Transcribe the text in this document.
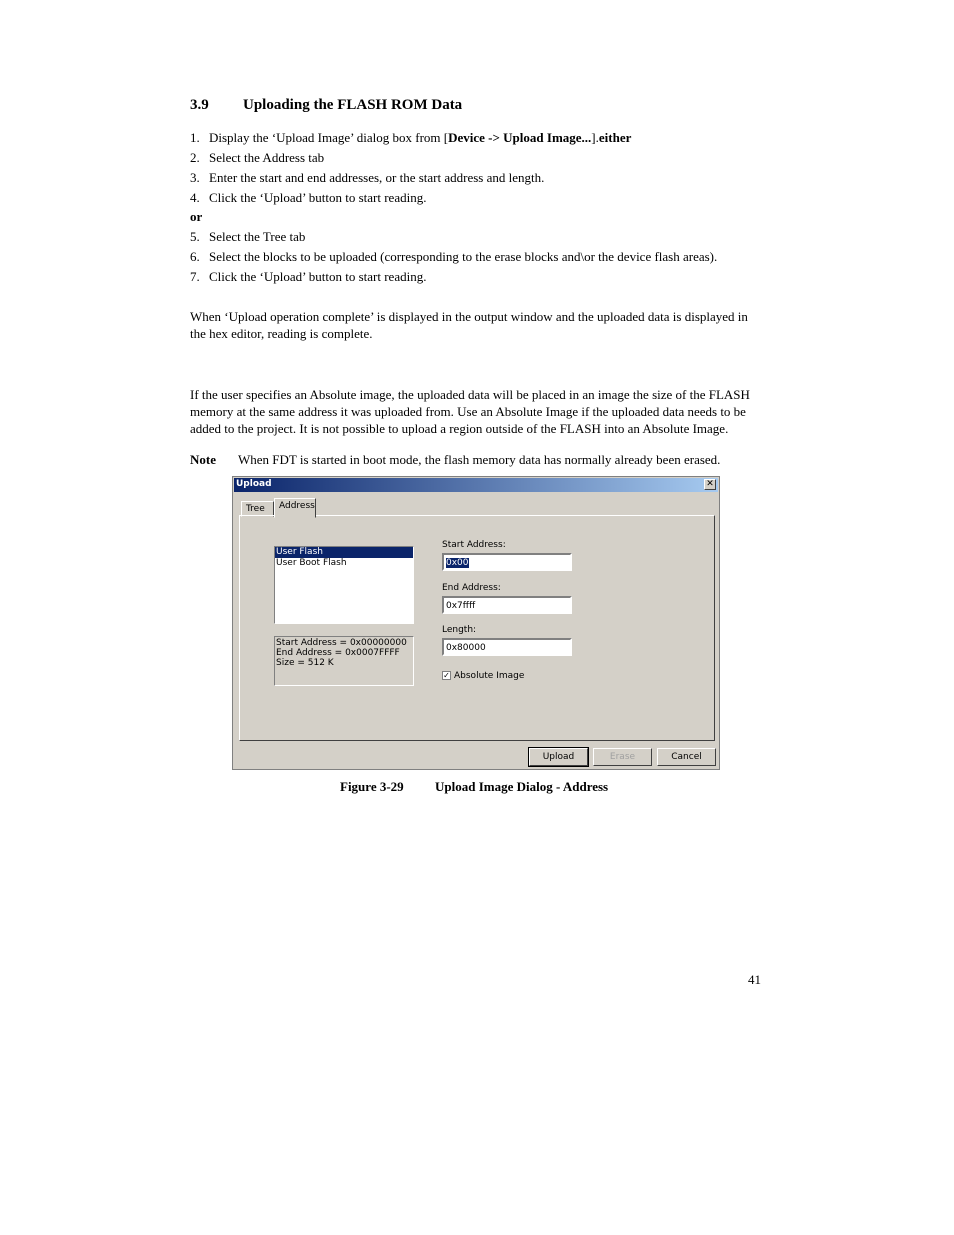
3.9 Uploading the FLASH ROM Data
1. Display the ‘Upload Image’ dialog box from [Device -> Upload Image...].either
2. Select the Address tab
3. Enter the start and end addresses, or the start address and length.
4. Click the ‘Upload’ button to start reading.
or
5. Select the Tree tab
6. Select the blocks to be uploaded (corresponding to the erase blocks and\or the device flash areas).
7. Click the ‘Upload’ button to start reading.
When ‘Upload operation complete’ is displayed in the output window and the uploaded data is displayed in the hex editor, reading is complete.
If the user specifies an Absolute image, the uploaded data will be placed in an image the size of the FLASH memory at the same address it was uploaded from. Use an Absolute Image if the uploaded data needs to be added to the project. It is not possible to upload a region outside of the FLASH into an Absolute Image.
Note When FDT is started in boot mode, the flash memory data has normally already been erased.
Upload	✕
Tree	Address
User Flash
User Boot Flash
Start Address = 0x00000000
End Address = 0x0007FFFF
Size = 512 K
Start Address:
0x00
End Address:
0x7ffff
Length:
0x80000
✓ Absolute Image
Upload	Erase	Cancel
Figure 3-29 Upload Image Dialog - Address
41
